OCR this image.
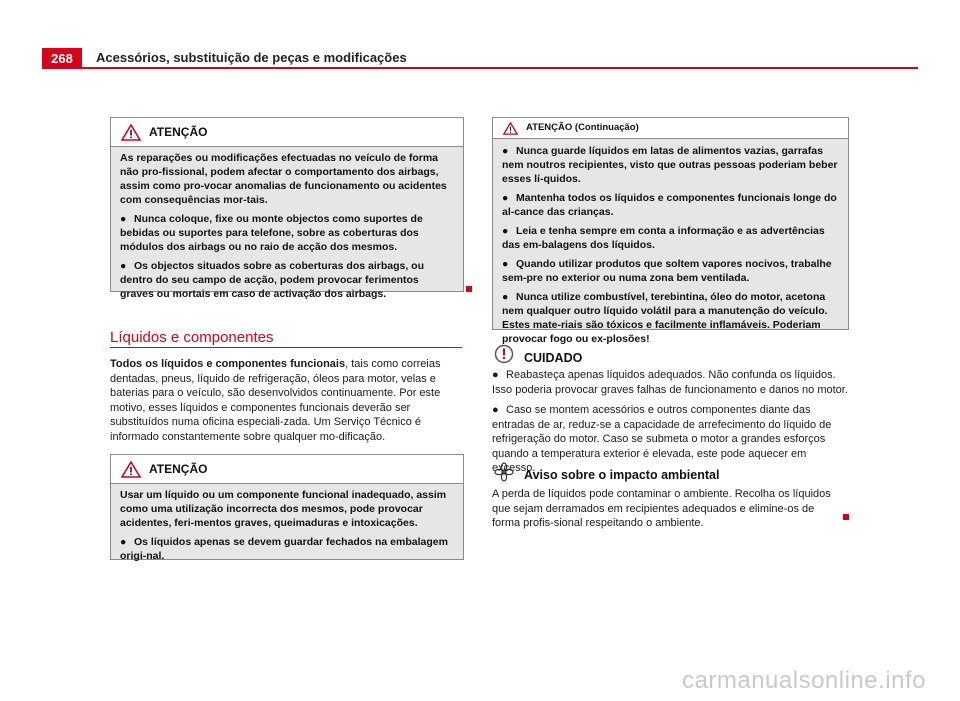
268	Acessórios, substituição de peças e modificações
ATENÇÃO

As reparações ou modificações efectuadas no veículo de forma não pro-fissional, podem afectar o comportamento dos airbags, assim como pro-vocar anomalias de funcionamento ou acidentes com consequências mor-tais.

● Nunca coloque, fixe ou monte objectos como suportes de bebidas ou suportes para telefone, sobre as coberturas dos módulos dos airbags ou no raio de acção dos mesmos.

● Os objectos situados sobre as coberturas dos airbags, ou dentro do seu campo de acção, podem provocar ferimentos graves ou mortais em caso de activação dos airbags.

Líquidos e componentes

Todos os líquidos e componentes funcionais, tais como correias dentadas, pneus, líquido de refrigeração, óleos para motor, velas e baterias para o veículo, são desenvolvidos continuamente. Por este motivo, esses líquidos e componentes funcionais deverão ser substituídos numa oficina especiali-zada. Um Serviço Técnico é informado constantemente sobre qualquer mo-dificação.

ATENÇÃO

Usar um líquido ou um componente funcional inadequado, assim como uma utilização incorrecta dos mesmos, pode provocar acidentes, feri-mentos graves, queimaduras e intoxicações.

● Os líquidos apenas se devem guardar fechados na embalagem origi-nal.

ATENÇÃO (Continuação)

● Nunca guarde líquidos em latas de alimentos vazias, garrafas nem noutros recipientes, visto que outras pessoas poderiam beber esses lí-quidos.

● Mantenha todos os líquidos e componentes funcionais longe do al-cance das crianças.

● Leia e tenha sempre em conta a informação e as advertências das em-balagens dos líquidos.

● Quando utilizar produtos que soltem vapores nocivos, trabalhe sem-pre no exterior ou numa zona bem ventilada.

● Nunca utilize combustível, terebintina, óleo do motor, acetona nem qualquer outro líquido volátil para a manutenção do veículo. Estes mate-riais são tóxicos e facilmente inflamáveis. Poderiam provocar fogo ou ex-plosões!

CUIDADO

● Reabasteça apenas líquidos adequados. Não confunda os líquidos. Isso poderia provocar graves falhas de funcionamento e danos no motor.

● Caso se montem acessórios e outros componentes diante das entradas de ar, reduz-se a capacidade de arrefecimento do líquido de refrigeração do motor. Caso se submeta o motor a grandes esforços quando a temperatura exterior é elevada, este pode aquecer em excesso.

Aviso sobre o impacto ambiental

A perda de líquidos pode contaminar o ambiente. Recolha os líquidos que sejam derramados em recipientes adequados e elimine-os de forma profis-sional respeitando o ambiente.

carmanualsonline.info
